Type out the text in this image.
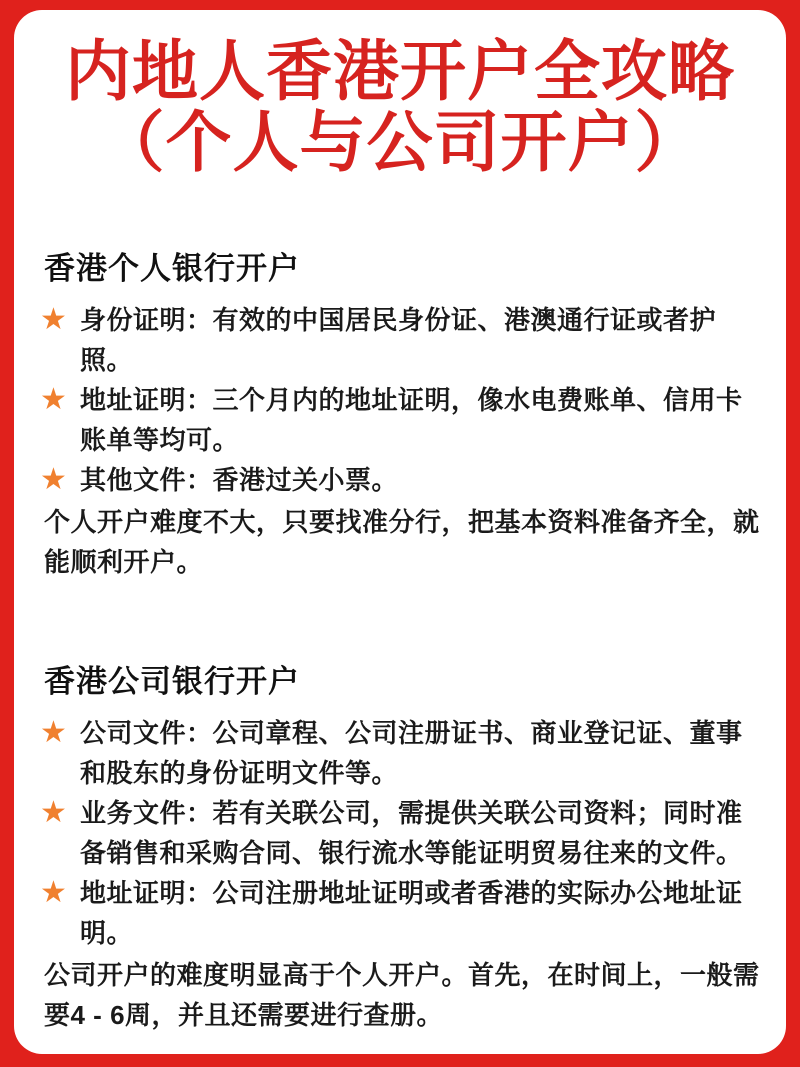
内地人香港开户全攻略
（个人与公司开户）
香港个人银行开户
★ 身份证明：有效的中国居民身份证、港澳通行证或者护照。
★ 地址证明：三个月内的地址证明，像水电费账单、信用卡账单等均可。
★ 其他文件：香港过关小票。

个人开户难度不大，只要找准分行，把基本资料准备齐全，就能顺利开户。

香港公司银行开户
★ 公司文件：公司章程、公司注册证书、商业登记证、董事和股东的身份证明文件等。
★ 业务文件：若有关联公司，需提供关联公司资料；同时准备销售和采购合同、银行流水等能证明贸易往来的文件。
★ 地址证明：公司注册地址证明或者香港的实际办公地址证明。

公司开户的难度明显高于个人开户。首先，在时间上，一般需要4 - 6周，并且还需要进行查册。
